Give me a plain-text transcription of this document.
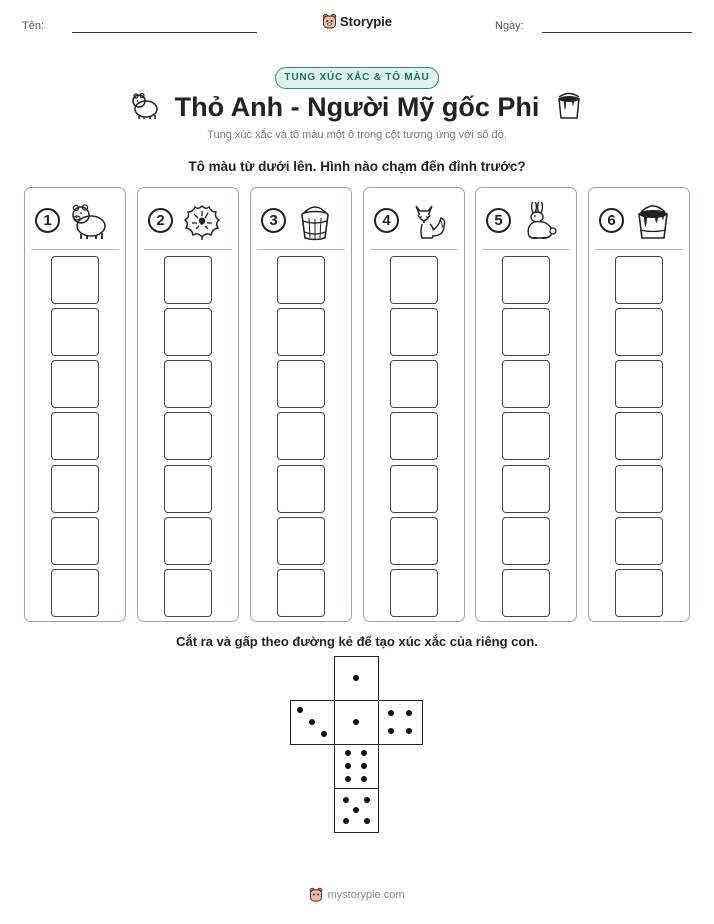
Tên:	Ngày:
Storypie
TUNG XÚC XẮC & TÔ MÀU
Thỏ Anh - Người Mỹ gốc Phi
Tung xúc xắc và tô màu một ô trong cột tương ứng với số đó.
Tô màu từ dưới lên. Hình nào chạm đến đỉnh trước?
1	2	3	4	5	6
Cắt ra và gấp theo đường kẻ để tạo xúc xắc của riêng con.
mystorypie.com
